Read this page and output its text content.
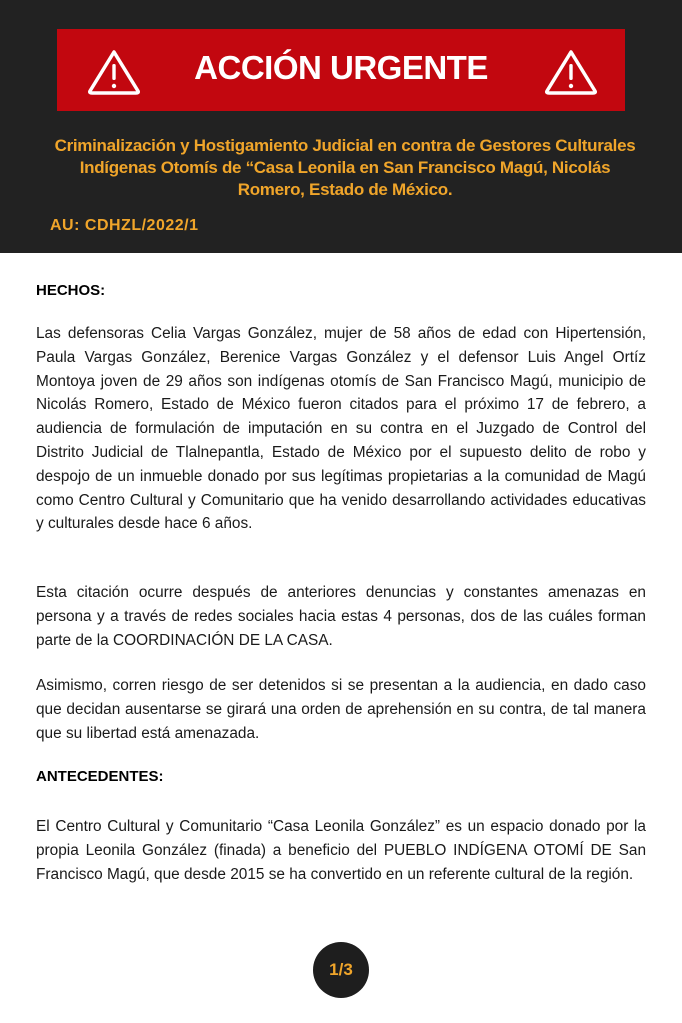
ACCIÓN URGENTE
Criminalización y Hostigamiento Judicial en contra de Gestores Culturales Indígenas Otomís de “Casa Leonila en San Francisco Magú, Nicolás Romero, Estado de México.
AU: CDHZL/2022/1
HECHOS:

Las defensoras Celia Vargas González, mujer de 58 años de edad con Hipertensión, Paula Vargas González, Berenice Vargas González y el defensor Luis Angel Ortíz Montoya joven de 29 años son indígenas otomís de San Francisco Magú, municipio de Nicolás Romero, Estado de México fueron citados para el próximo 17 de febrero, a audiencia de formulación de imputación en su contra en el Juzgado de Control del Distrito Judicial de Tlalnepantla, Estado de México por el supuesto delito de robo y despojo de un inmueble donado por sus legítimas propietarias a la comunidad de Magú como Centro Cultural y Comunitario que ha venido desarrollando actividades educativas y culturales desde hace 6 años.

Esta citación ocurre después de anteriores denuncias y constantes amenazas en persona y a través de redes sociales hacia estas 4 personas, dos de las cuáles forman parte de la COORDINACIÓN DE LA CASA.

Asimismo, corren riesgo de ser detenidos si se presentan a la audiencia, en dado caso que decidan ausentarse se girará una orden de aprehensión en su contra, de tal manera que su libertad está amenazada.

ANTECEDENTES:

El Centro Cultural y Comunitario “Casa Leonila González” es un espacio donado por la propia Leonila González (finada) a beneficio del PUEBLO INDÍGENA OTOMÍ DE San Francisco Magú, que desde 2015 se ha convertido en un referente cultural de la región.

1/3
